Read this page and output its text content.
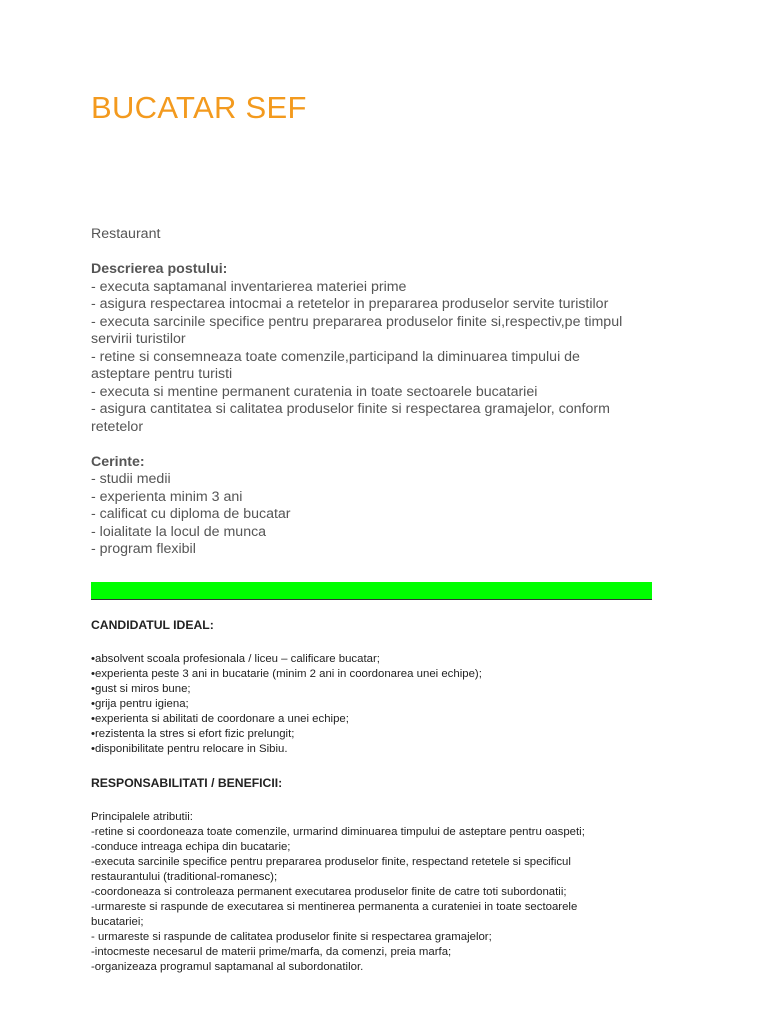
BUCATAR SEF

Restaurant

Descrierea postului:

- executa saptamanal inventarierea materiei prime

- asigura respectarea intocmai a retetelor in prepararea produselor servite turistilor

- executa sarcinile specifice pentru prepararea produselor finite si,respectiv,pe timpul

servirii turistilor

- retine si consemneaza toate comenzile,participand la diminuarea timpului de

asteptare pentru turisti

- executa si mentine permanent curatenia in toate sectoarele bucatariei

- asigura cantitatea si calitatea produselor finite si respectarea gramajelor, conform

retetelor

Cerinte:

- studii medii

- experienta minim 3 ani

- calificat cu diploma de bucatar

- loialitate la locul de munca

- program flexibil

CANDIDATUL IDEAL:

•absolvent scoala profesionala / liceu – calificare bucatar;

•experienta peste 3 ani in bucatarie (minim 2 ani in coordonarea unei echipe);

•gust si miros bune;

•grija pentru igiena;

•experienta si abilitati de coordonare a unei echipe;

•rezistenta la stres si efort fizic prelungit;

•disponibilitate pentru relocare in Sibiu.

RESPONSABILITATI / BENEFICII:

Principalele atributii:

-retine si coordoneaza toate comenzile, urmarind diminuarea timpului de asteptare pentru oaspeti;

-conduce intreaga echipa din bucatarie;

-executa sarcinile specifice pentru prepararea produselor finite, respectand retetele si specificul

restaurantului (traditional-romanesc);

-coordoneaza si controleaza permanent executarea produselor finite de catre toti subordonatii;

-urmareste si raspunde de executarea si mentinerea permanenta a curateniei in toate sectoarele

bucatariei;

- urmareste si raspunde de calitatea produselor finite si respectarea gramajelor;

-intocmeste necesarul de materii prime/marfa, da comenzi, preia marfa;

-organizeaza programul saptamanal al subordonatilor.
